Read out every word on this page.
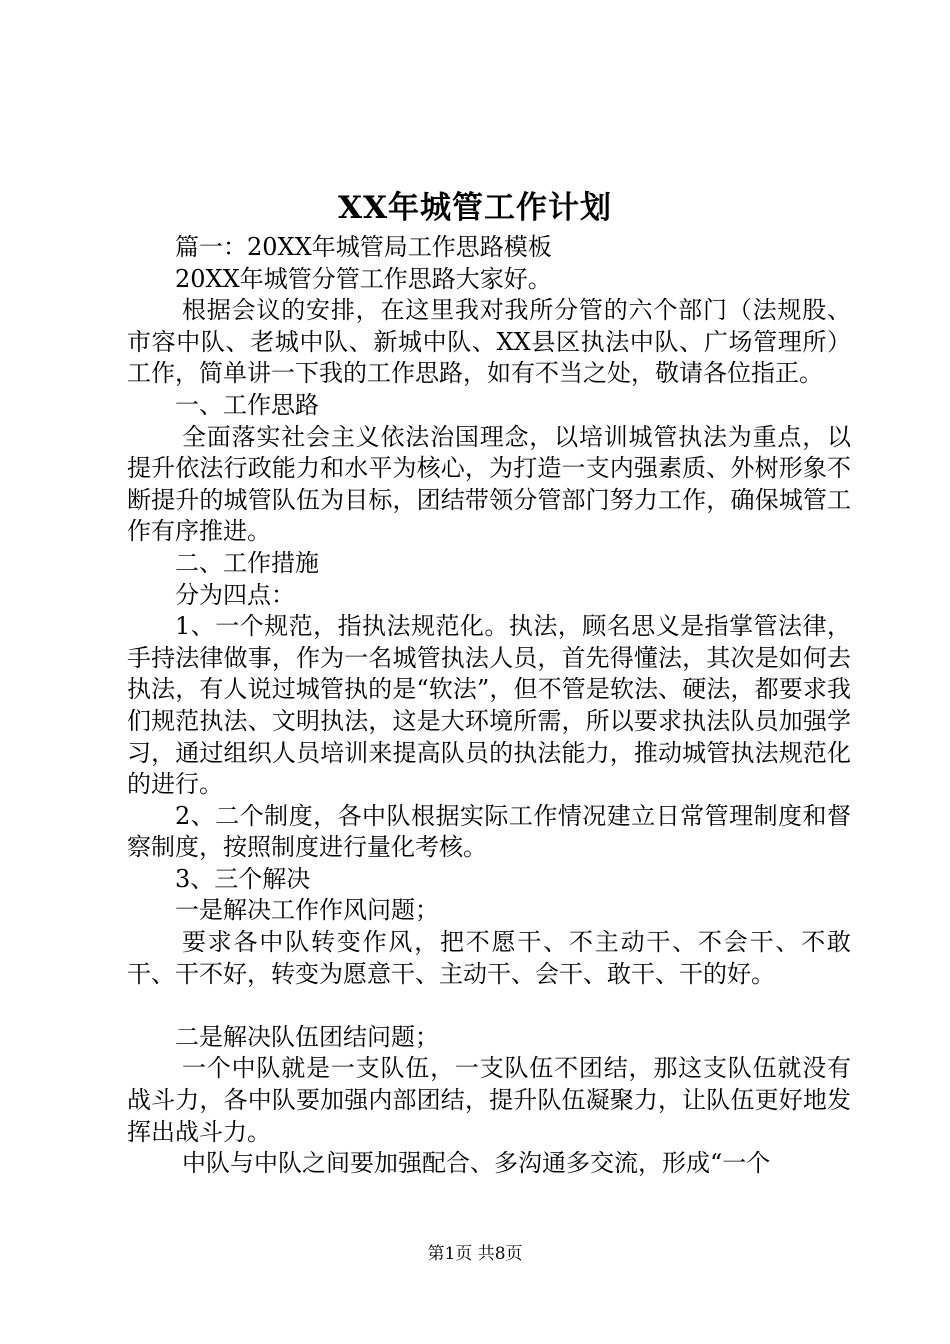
XX年城管工作计划

篇一：20XX年城管局工作思路模板

20XX年城管分管工作思路大家好。

根据会议的安排，在这里我对我所分管的六个部门（法规股、市容中队、老城中队、新城中队、XX县区执法中队、广场管理所）工作，简单讲一下我的工作思路，如有不当之处，敬请各位指正。

一、工作思路

全面落实社会主义依法治国理念，以培训城管执法为重点，以提升依法行政能力和水平为核心，为打造一支内强素质、外树形象不断提升的城管队伍为目标，团结带领分管部门努力工作，确保城管工作有序推进。

二、工作措施

分为四点：

1、一个规范，指执法规范化。执法，顾名思义是指掌管法律，手持法律做事，作为一名城管执法人员，首先得懂法，其次是如何去执法，有人说过城管执的是“软法”，但不管是软法、硬法，都要求我们规范执法、文明执法，这是大环境所需，所以要求执法队员加强学习，通过组织人员培训来提高队员的执法能力，推动城管执法规范化的进行。

2、二个制度，各中队根据实际工作情况建立日常管理制度和督察制度，按照制度进行量化考核。

3、三个解决

一是解决工作作风问题；

要求各中队转变作风，把不愿干、不主动干、不会干、不敢干、干不好，转变为愿意干、主动干、会干、敢干、干的好。

二是解决队伍团结问题；

一个中队就是一支队伍，一支队伍不团结，那这支队伍就没有战斗力，各中队要加强内部团结，提升队伍凝聚力，让队伍更好地发挥出战斗力。

中队与中队之间要加强配合、多沟通多交流，形成“一个

第1页 共8页
